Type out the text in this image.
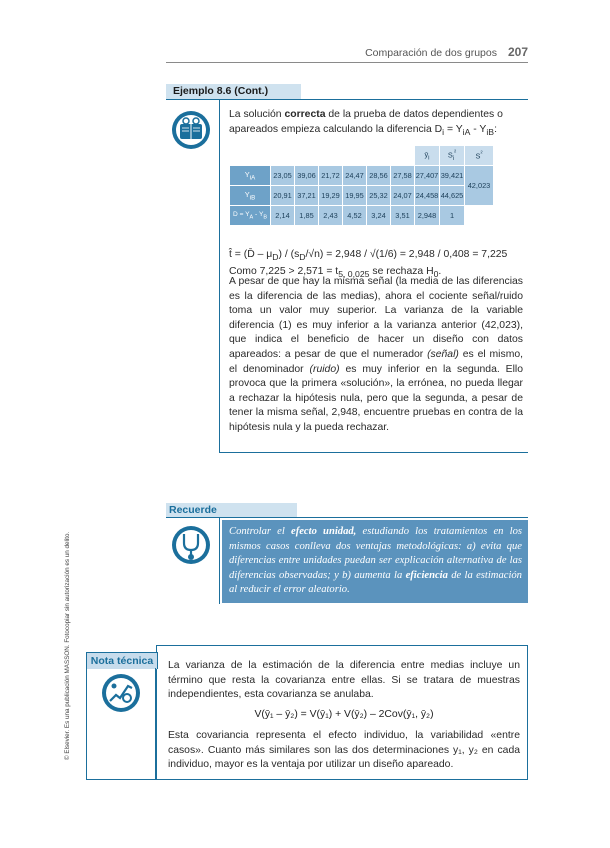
Comparación de dos grupos 207
Ejemplo 8.6 (Cont.)
La solución correcta de la prueba de datos dependientes o apareados empieza calculando la diferencia $D_i = Y_{iA} - Y_{iB}$:
							$ȳ_i$	$S_i^{^2}$	$S^{^2}$
$Y_{iA}$	23,05	39,06	21,72	24,47	28,56	27,58	27,407	39,421	42,023
$Y_{iB}$	20,91	37,21	19,29	19,95	25,32	24,07	24,458	44,625	
$D = Y_A - Y_B$	2,14	1,85	2,43	4,52	3,24	3,51	2,948	1	
t̂ = (D̄ – $\mu_D) / (s_D/√n) = 2,948 / √(1/6) = 2,948 / 0,408 = 7,225$
Como $7,225 > 2,571 = t_{5, 0,025}$ se rechaza $H_0$.
A pesar de que hay la misma señal (la media de las diferencias es la diferencia de las medias), ahora el cociente señal/ruido toma un valor muy superior. La varianza de la variable diferencia (1) es muy inferior a la varianza anterior (42,023), que indica el beneficio de hacer un diseño con datos apareados: a pesar de que el numerador (señal) es el mismo, el denominador (ruido) es muy inferior en la segunda. Ello provoca que la primera «solución», la errónea, no pueda llegar a rechazar la hipótesis nula, pero que la segunda, a pesar de tener la misma señal, 2,948, encuentre pruebas en contra de la hipótesis nula y la pueda rechazar.
Recuerde
Controlar el efecto unidad, estudiando los tratamientos en los mismos casos conlleva dos ventajas metodológicas: a) evita que diferencias entre unidades puedan ser explicación alternativa de las diferencias observadas; y b) aumenta la eficiencia de la estimación al reducir el error aleatorio.
Nota técnica	La varianza de la estimación de la diferencia entre medias incluye un término que resta la covarianza entre ellas. Si se tratara de muestras independientes, esta covarianza se anulaba.
V(ȳ₁ – ȳ₂) = V(ȳ₁) + V(ȳ₂) – 2Cov(ȳ₁, ȳ₂)
Esta covariancia representa el efecto individuo, la variabilidad «entre casos». Cuanto más similares son las dos determinaciones y₁, y₂ en cada individuo, mayor es la ventaja por utilizar un diseño apareado.
© Elsevier. Es una publicación MASSON. Fotocopiar sin autorización es un delito.
